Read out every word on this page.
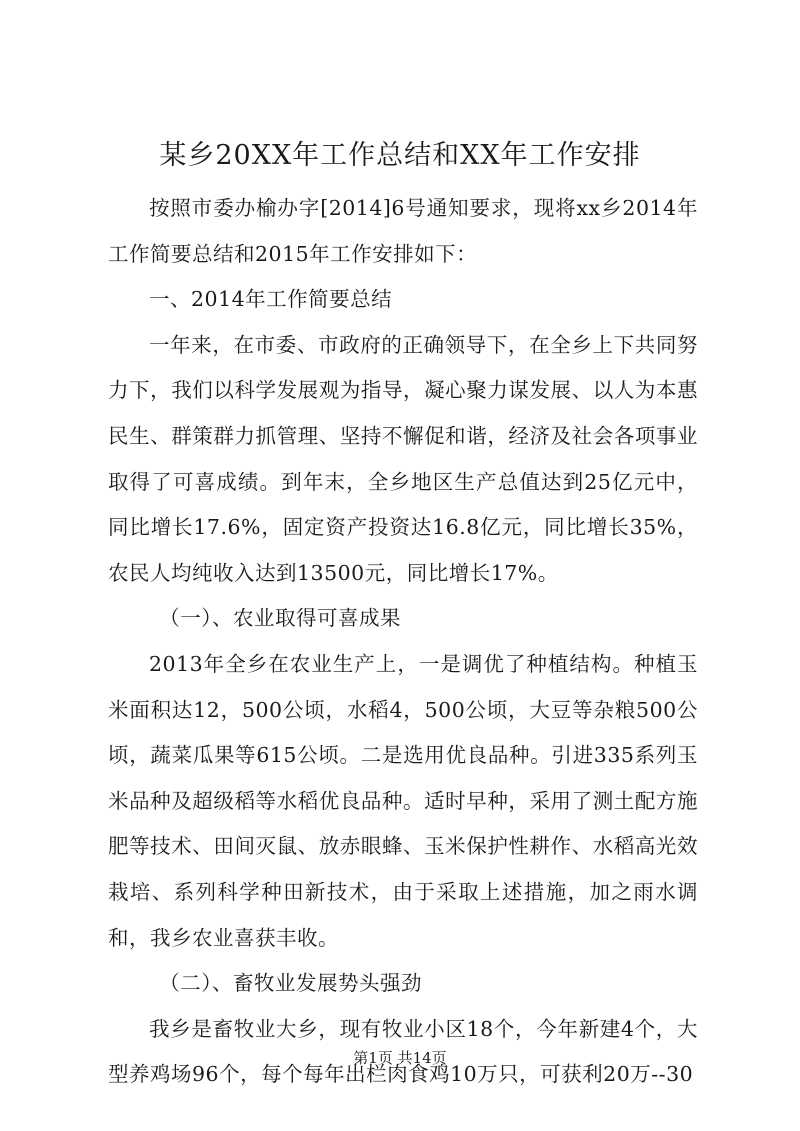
某乡20XX年工作总结和XX年工作安排

按照市委办榆办字[2014]6号通知要求，现将xx乡2014年工作简要总结和2015年工作安排如下：

一、2014年工作简要总结

一年来，在市委、市政府的正确领导下，在全乡上下共同努力下，我们以科学发展观为指导，凝心聚力谋发展、以人为本惠民生、群策群力抓管理、坚持不懈促和谐，经济及社会各项事业取得了可喜成绩。到年末，全乡地区生产总值达到25亿元中，同比增长17.6%，固定资产投资达16.8亿元，同比增长35%，农民人均纯收入达到13500元，同比增长17%。

（一）、农业取得可喜成果

2013年全乡在农业生产上，一是调优了种植结构。种植玉米面积达12，500公顷，水稻4，500公顷，大豆等杂粮500公顷，蔬菜瓜果等615公顷。二是选用优良品种。引进335系列玉米品种及超级稻等水稻优良品种。适时早种，采用了测土配方施肥等技术、田间灭鼠、放赤眼蜂、玉米保护性耕作、水稻高光效栽培、系列科学种田新技术，由于采取上述措施，加之雨水调和，我乡农业喜获丰收。

（二）、畜牧业发展势头强劲

我乡是畜牧业大乡，现有牧业小区18个，今年新建4个，大型养鸡场96个，每个每年出栏肉食鸡10万只，可获利20万--30

第1页 共14页
